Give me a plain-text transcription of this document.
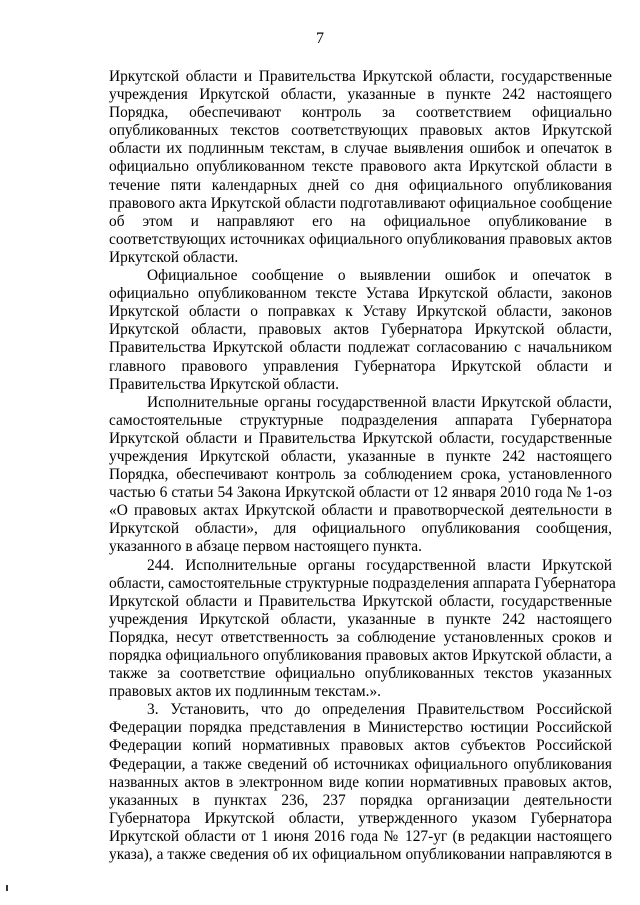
7
Иркутской области и Правительства Иркутской области, государственные
учреждения Иркутской области, указанные в пункте 242 настоящего
Порядка, обеспечивают контроль за соответствием официально
опубликованных текстов соответствующих правовых актов Иркутской
области их подлинным текстам, в случае выявления ошибок и опечаток в
официально опубликованном тексте правового акта Иркутской области в
течение пяти календарных дней со дня официального опубликования
правового акта Иркутской области подготавливают официальное сообщение
об этом и направляют его на официальное опубликование в
соответствующих источниках официального опубликования правовых актов
Иркутской области.
Официальное сообщение о выявлении ошибок и опечаток в
официально опубликованном тексте Устава Иркутской области, законов
Иркутской области о поправках к Уставу Иркутской области, законов
Иркутской области, правовых актов Губернатора Иркутской области,
Правительства Иркутской области подлежат согласованию с начальником
главного правового управления Губернатора Иркутской области и
Правительства Иркутской области.
Исполнительные органы государственной власти Иркутской области,
самостоятельные структурные подразделения аппарата Губернатора
Иркутской области и Правительства Иркутской области, государственные
учреждения Иркутской области, указанные в пункте 242 настоящего
Порядка, обеспечивают контроль за соблюдением срока, установленного
частью 6 статьи 54 Закона Иркутской области от 12 января 2010 года № 1-оз
«О правовых актах Иркутской области и правотворческой деятельности в
Иркутской области», для официального опубликования сообщения,
указанного в абзаце первом настоящего пункта.
244. Исполнительные органы государственной власти Иркутской
области, самостоятельные структурные подразделения аппарата Губернатора
Иркутской области и Правительства Иркутской области, государственные
учреждения Иркутской области, указанные в пункте 242 настоящего
Порядка, несут ответственность за соблюдение установленных сроков и
порядка официального опубликования правовых актов Иркутской области, а
также за соответствие официально опубликованных текстов указанных
правовых актов их подлинным текстам.».
3. Установить, что до определения Правительством Российской
Федерации порядка представления в Министерство юстиции Российской
Федерации копий нормативных правовых актов субъектов Российской
Федерации, а также сведений об источниках официального опубликования
названных актов в электронном виде копии нормативных правовых актов,
указанных в пунктах 236, 237 порядка организации деятельности
Губернатора Иркутской области, утвержденного указом Губернатора
Иркутской области от 1 июня 2016 года № 127-уг (в редакции настоящего
указа), а также сведения об их официальном опубликовании направляются в
